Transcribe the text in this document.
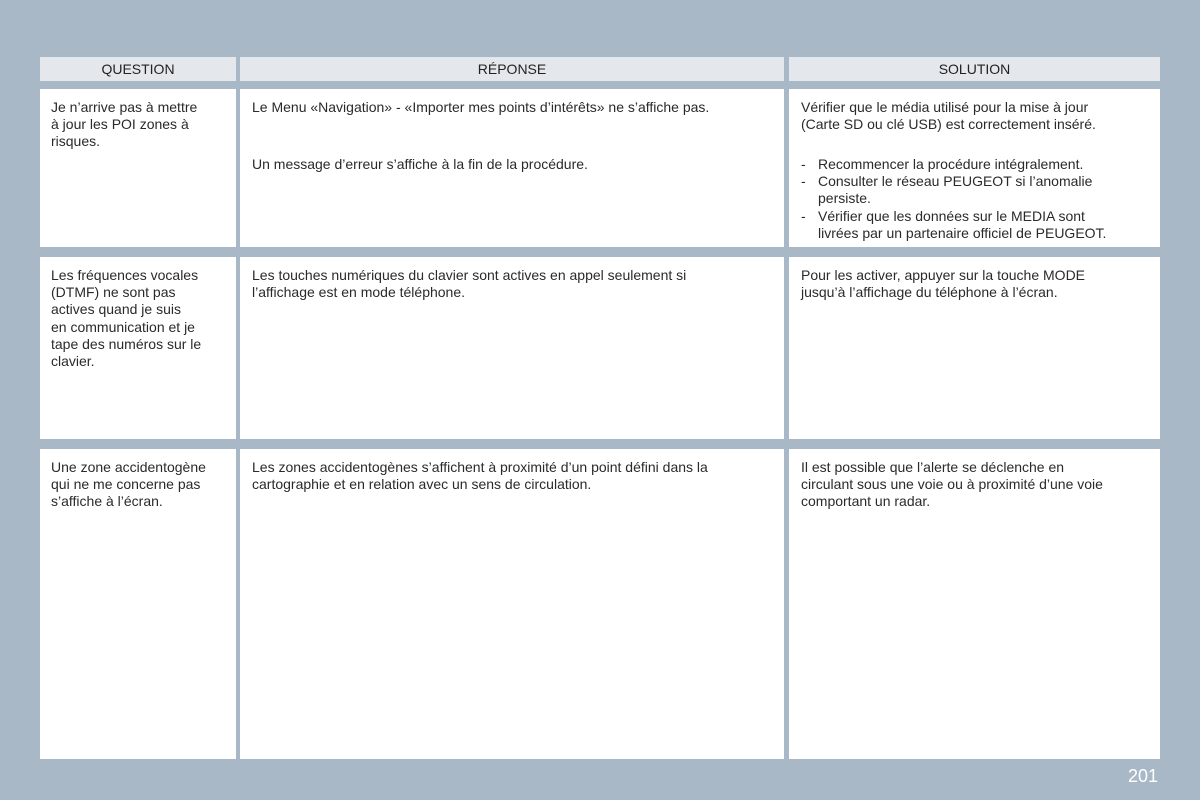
QUESTION	RÉPONSE	SOLUTION
Je n’arrive pas à mettre
à jour les POI zones à
risques.
Le Menu «Navigation» - «Importer mes points d’intérêts» ne s’affiche pas.
Un message d’erreur s’affiche à la fin de la procédure.
Vérifier que le média utilisé pour la mise à jour
(Carte SD ou clé USB) est correctement inséré.
- Recommencer la procédure intégralement.
- Consulter le réseau PEUGEOT si l’anomalie
persiste.
- Vérifier que les données sur le MEDIA sont
livrées par un partenaire officiel de PEUGEOT.
Les fréquences vocales
(DTMF) ne sont pas
actives quand je suis
en communication et je
tape des numéros sur le
clavier.
Les touches numériques du clavier sont actives en appel seulement si
l’affichage est en mode téléphone.
Pour les activer, appuyer sur la touche MODE
jusqu’à l’affichage du téléphone à l’écran.
Une zone accidentogène
qui ne me concerne pas
s’affiche à l’écran.
Les zones accidentogènes s’affichent à proximité d’un point défini dans la
cartographie et en relation avec un sens de circulation.
Il est possible que l’alerte se déclenche en
circulant sous une voie ou à proximité d’une voie
comportant un radar.
201
